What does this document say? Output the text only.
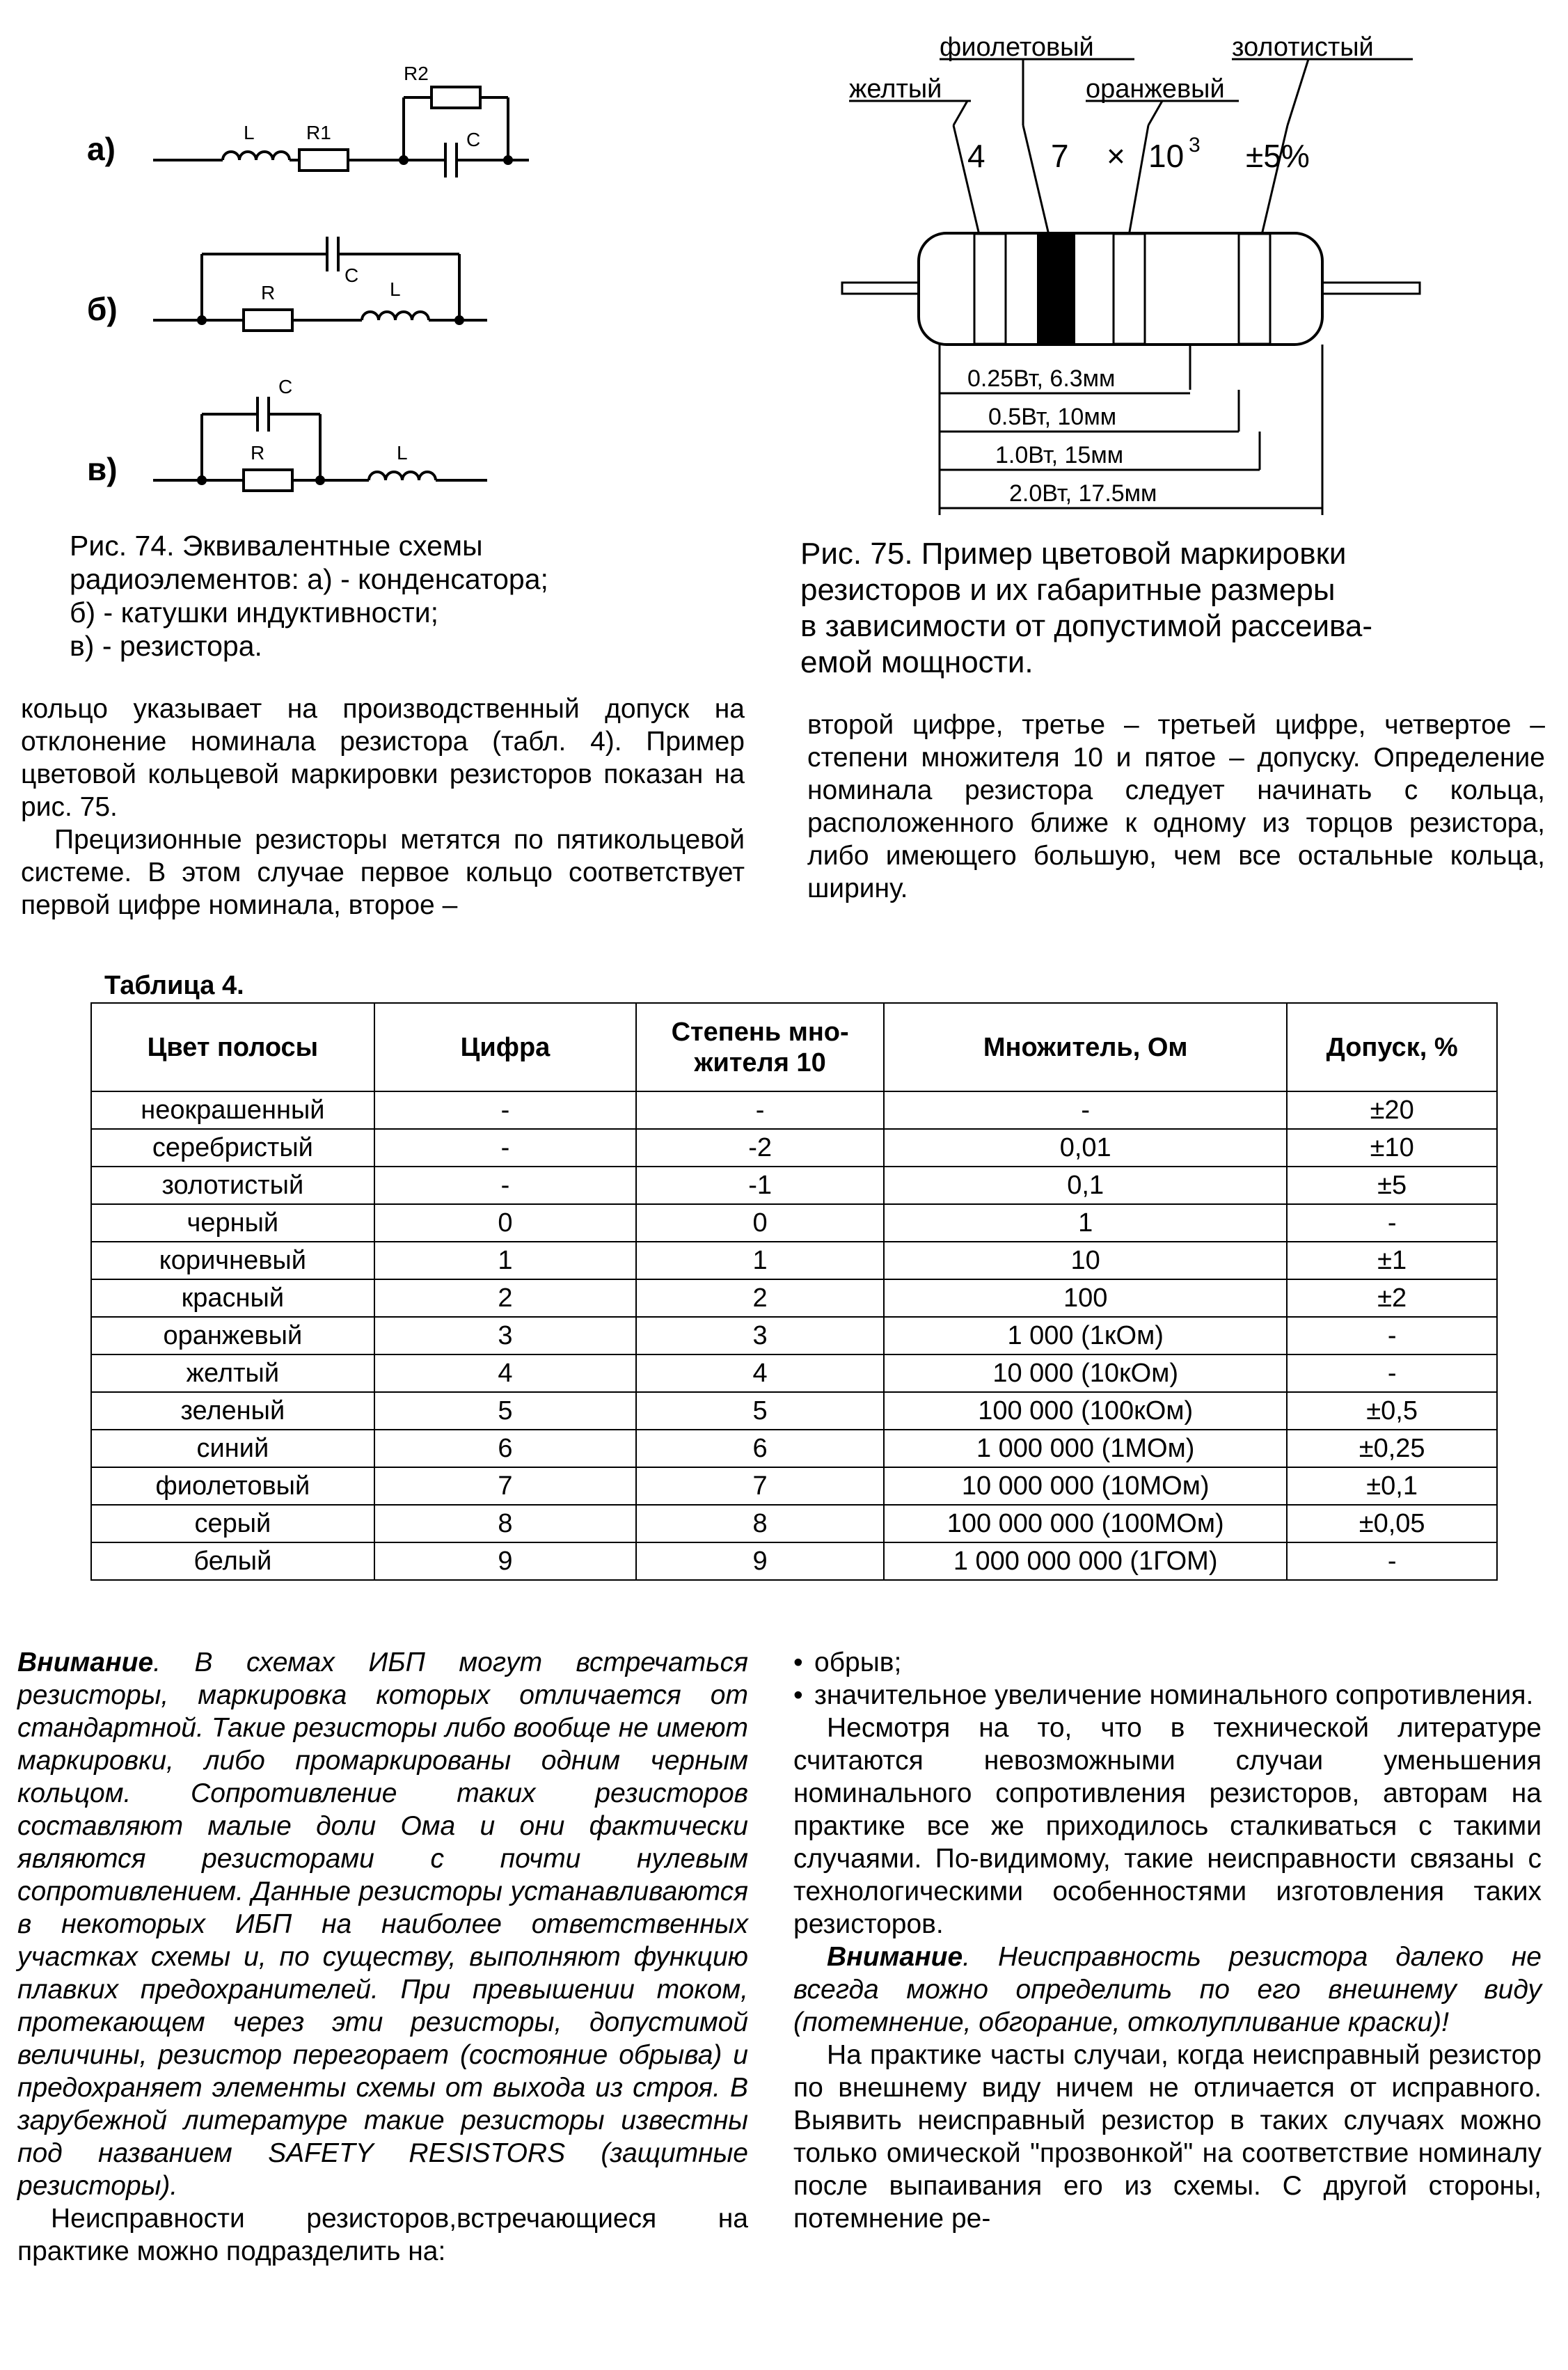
а)	L	R1
R2
C
б)
C
R	L
в)
C
R	L
Рис. 74. Эквивалентные схемы
радиоэлементов: а) - конденсатора;
б) - катушки индуктивности;
в) - резистора.
фиолетовый	золотистый
желтый	оранжевый
4 7 × 10 3 ±5%
0.25Вт, 6.3мм
0.5Вт, 10мм
1.0Вт, 15мм
2.0Вт, 17.5мм
Рис. 75. Пример цветовой маркировки
резисторов и их габаритные размеры
в зависимости от допустимой рассеива-
емой мощности.

кольцо указывает на производственный допуск на отклонение номинала резистора (табл. 4). Пример цветовой кольцевой маркировки резисторов показан на рис. 75.

Прецизионные резисторы метятся по пятикольцевой системе. В этом случае первое кольцо соответствует первой цифре номинала, второе –

второй цифре, третье – третьей цифре, четвертое – степени множителя 10 и пятое – допуску. Определение номинала резистора следует начинать с кольца, расположенного ближе к одному из торцов резистора, либо имеющего большую, чем все остальные кольца, ширину.

Таблица 4.
Цвет полосы	Цифра	Степень мно-жителя 10	Множитель, Ом	Допуск, %
неокрашенный	-	-	-	±20
серебристый	-	-2	0,01	±10
золотистый	-	-1	0,1	±5
черный	0	0	1	-
коричневый	1	1	10	±1
красный	2	2	100	±2
оранжевый	3	3	1 000 (1кОм)	-
желтый	4	4	10 000 (10кОм)	-
зеленый	5	5	100 000 (100кОм)	±0,5
синий	6	6	1 000 000 (1МОм)	±0,25
фиолетовый	7	7	10 000 000 (10МОм)	±0,1
серый	8	8	100 000 000 (100МОм)	±0,05
белый	9	9	1 000 000 000 (1ГОМ)	-

Внимание. В схемах ИБП могут встречаться резисторы, маркировка которых отличается от стандартной. Такие резисторы либо вообще не имеют маркировки, либо промаркированы одним черным кольцом. Сопротивление таких резисторов составляют малые доли Ома и они фактически являются резисторами с почти нулевым сопротивлением. Данные резисторы устанавливаются в некоторых ИБП на наиболее ответственных участках схемы и, по существу, выполняют функцию плавких предохранителей. При превышении током, протекающем через эти резисторы, допустимой величины, резистор перегорает (состояние обрыва) и предохраняет элементы схемы от выхода из строя. В зарубежной литературе такие резисторы известны под названием SAFETY RESISTORS (защитные резисторы).

Неисправности резисторов,встречающиеся на практике можно подразделить на:

• обрыв;
• значительное увеличение номинального сопротивления.

Несмотря на то, что в технической литературе считаются невозможными случаи уменьшения номинального сопротивления резисторов, авторам на практике все же приходилось сталкиваться с такими случаями. По-видимому, такие неисправности связаны с технологическими особенностями изготовления таких резисторов.

Внимание. Неисправность резистора далеко не всегда можно определить по его внешнему виду (потемнение, обгорание, отколупливание краски)!

На практике часты случаи, когда неисправный резистор по внешнему виду ничем не отличается от исправного. Выявить неисправный резистор в таких случаях можно только омической "прозвонкой" на соответствие номиналу после выпаивания его из схемы. С другой стороны, потемнение ре-
